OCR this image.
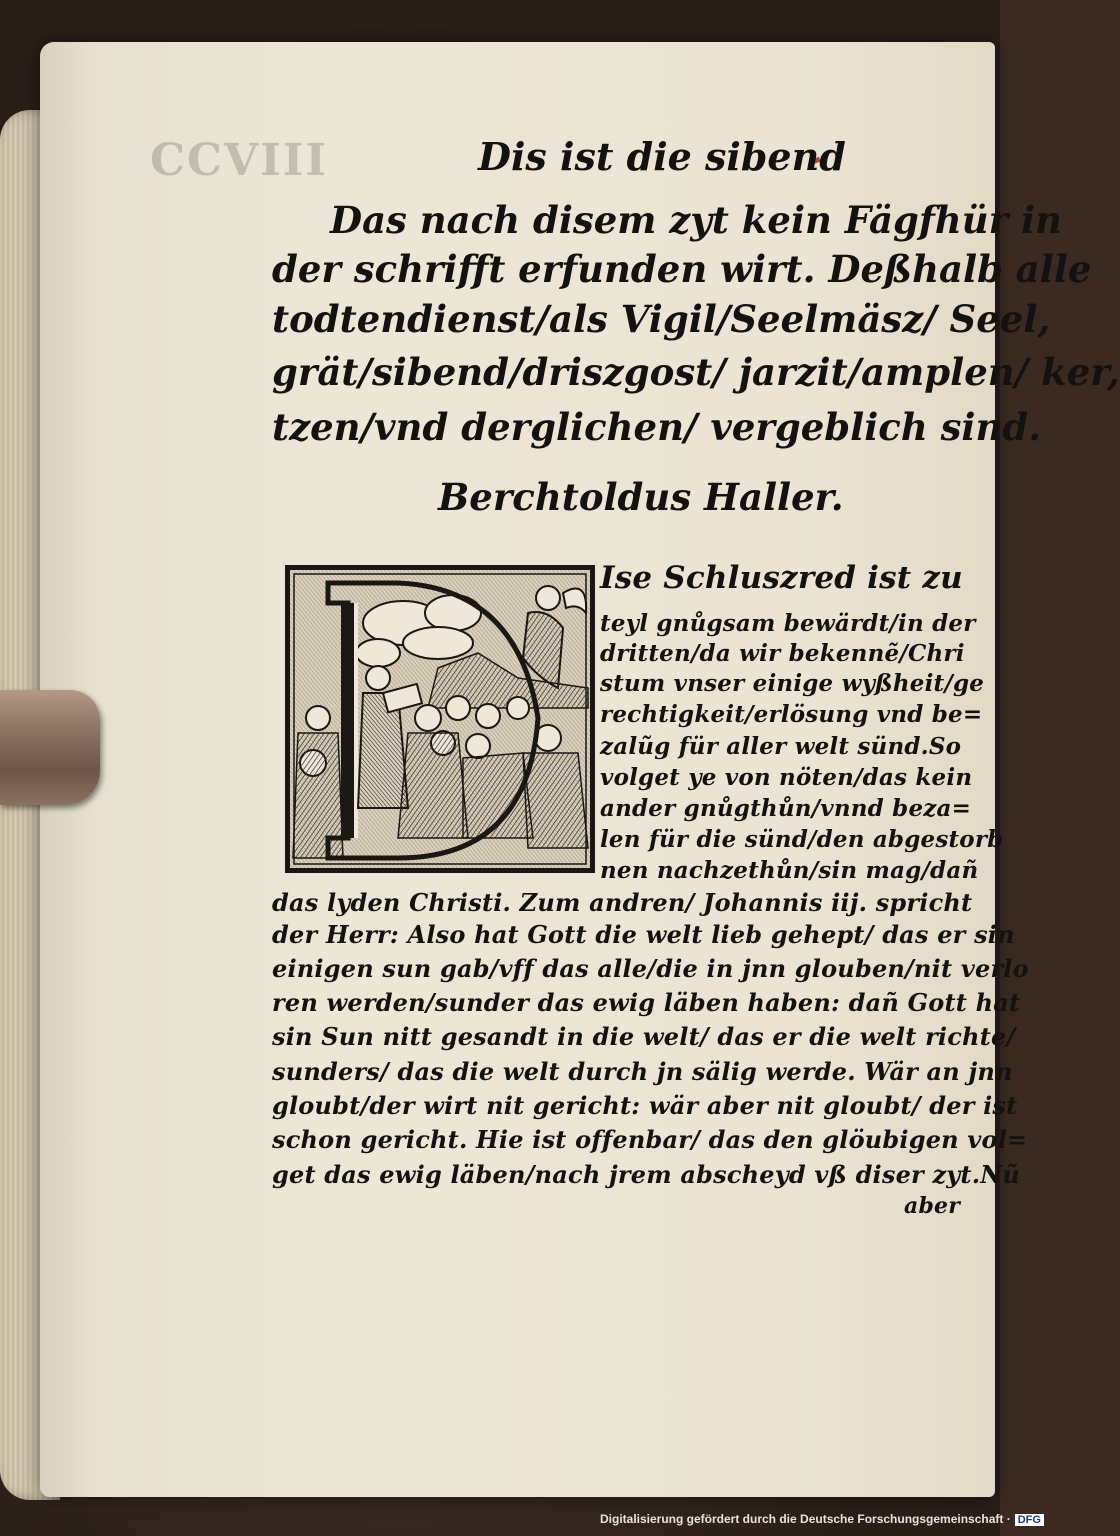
CCVIII	Dis ist die sibend
Das nach disem zyt kein Fägfhür in
der schrifft erfunden wirt. Deßhalb alle
todtendienst/als Vigil/Seelmäsz/ Seel,
grät/sibend/driszgost/ jarzit/amplen/ ker,
tzen/vnd derglichen/ vergeblich sind.
Berchtoldus Haller.
Ise Schluszred ist zu
teyl gnůgsam bewärdt/in der
dritten/da wir bekennẽ/Chri
stum vnser einige wyßheit/ge
rechtigkeit/erlösung vnd be=
zalũg für aller welt sünd.So
volget ye von nöten/das kein
ander gnůgthůn/vnnd beza=
len für die sünd/den abgestorb
nen nachzethůn/sin mag/dañ
das lyden Christi. Zum andren/ Johannis iij. spricht
der Herr: Also hat Gott die welt lieb gehept/ das er sin
einigen sun gab/vff das alle/die in jnn glouben/nit verlo
ren werden/sunder das ewig läben haben: dañ Gott hat
sin Sun nitt gesandt in die welt/ das er die welt richte/
sunders/ das die welt durch jn sälig werde. Wär an jnn
gloubt/der wirt nit gericht: wär aber nit gloubt/ der ist
schon gericht. Hie ist offenbar/ das den glöubigen vol=
get das ewig läben/nach jrem abscheyd vß diser zyt.Nũ
aber
Digitalisierung gefördert durch die Deutsche Forschungsgemeinschaft · DFG
